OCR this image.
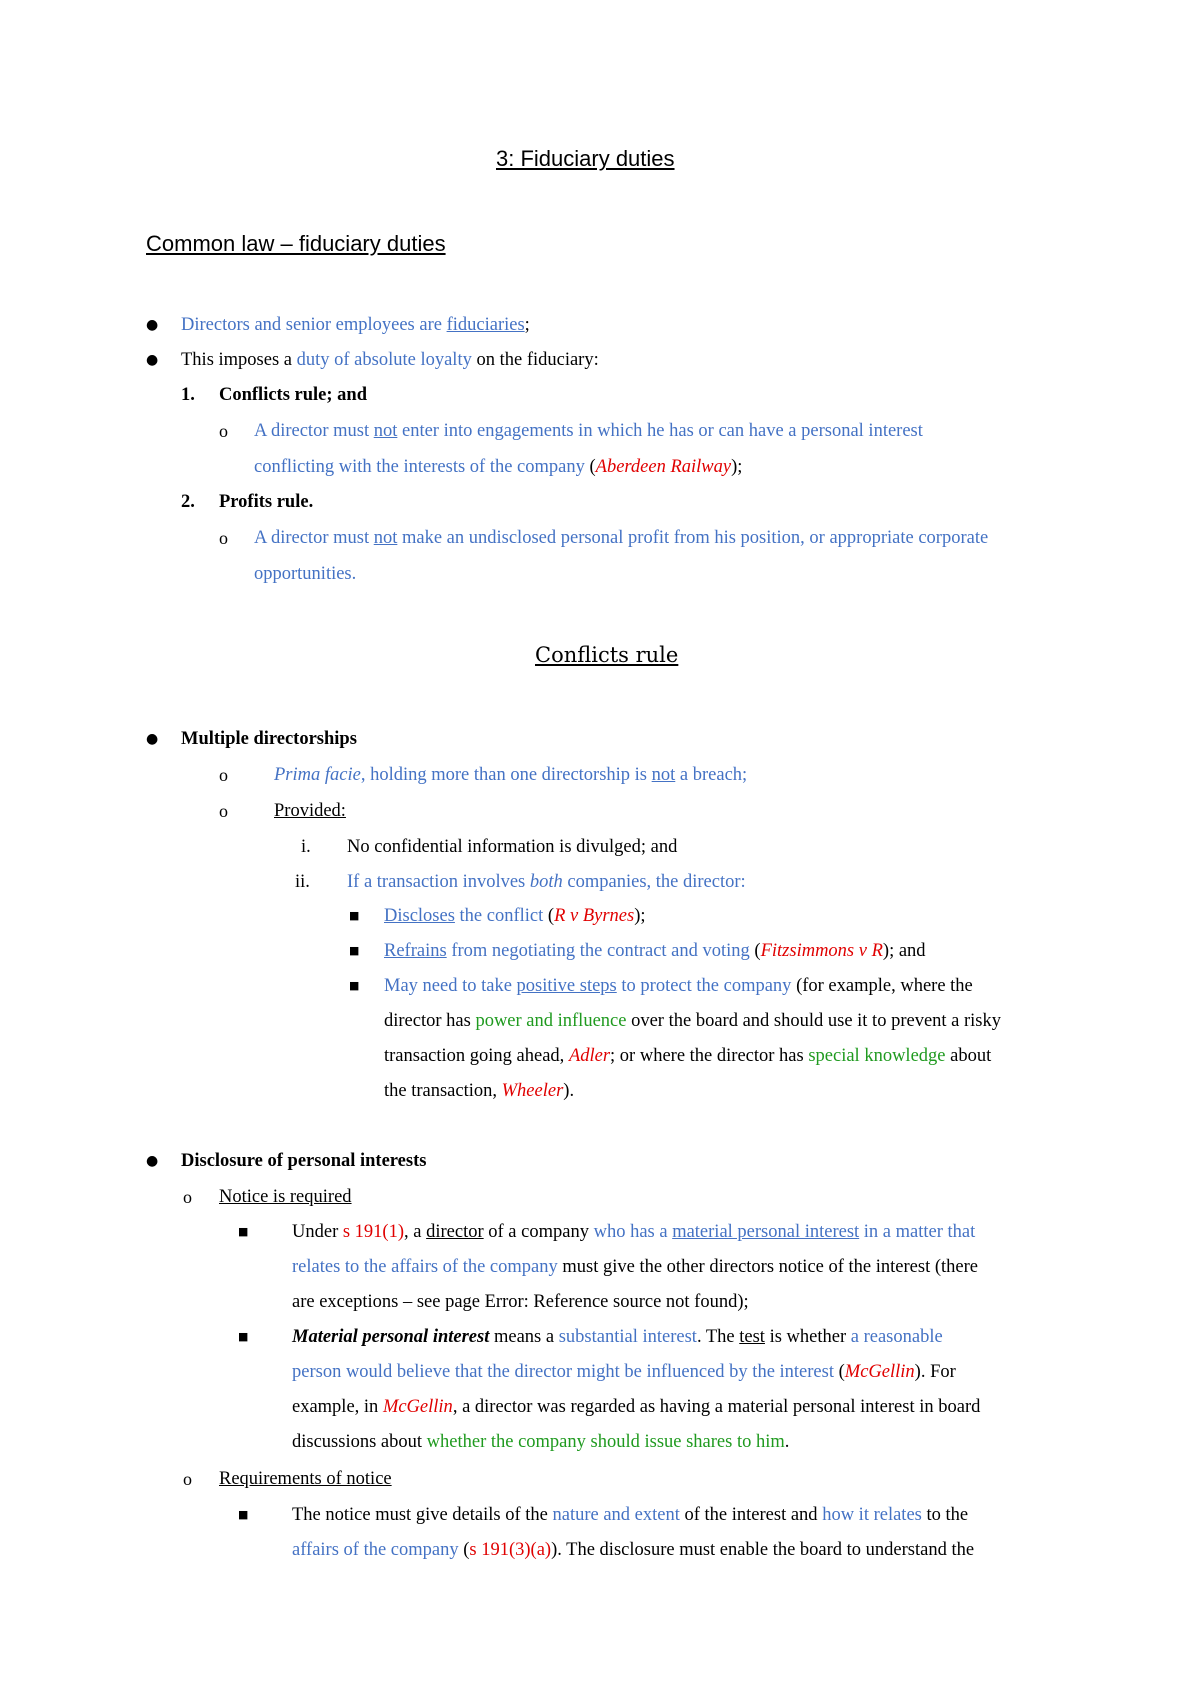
3: Fiduciary duties
Common law – fiduciary duties
● Directors and senior employees are fiduciaries;
● This imposes a duty of absolute loyalty on the fiduciary:
1. Conflicts rule; and
o A director must not enter into engagements in which he has or can have a personal interest
conflicting with the interests of the company (Aberdeen Railway);
2. Profits rule.
o A director must not make an undisclosed personal profit from his position, or appropriate corporate
opportunities.
Conflicts rule
● Multiple directorships
o Prima facie, holding more than one directorship is not a breach;
o Provided:
i. No confidential information is divulged; and
ii. If a transaction involves both companies, the director:
■ Discloses the conflict (R v Byrnes);
■ Refrains from negotiating the contract and voting (Fitzsimmons v R); and
■ May need to take positive steps to protect the company (for example, where the
director has power and influence over the board and should use it to prevent a risky
transaction going ahead, Adler; or where the director has special knowledge about
the transaction, Wheeler).
● Disclosure of personal interests
o Notice is required
■ Under s 191(1), a director of a company who has a material personal interest in a matter that
relates to the affairs of the company must give the other directors notice of the interest (there
are exceptions – see page Error: Reference source not found);
■ Material personal interest means a substantial interest. The test is whether a reasonable
person would believe that the director might be influenced by the interest (McGellin). For
example, in McGellin, a director was regarded as having a material personal interest in board
discussions about whether the company should issue shares to him.
o Requirements of notice
■ The notice must give details of the nature and extent of the interest and how it relates to the
affairs of the company (s 191(3)(a)). The disclosure must enable the board to understand the
